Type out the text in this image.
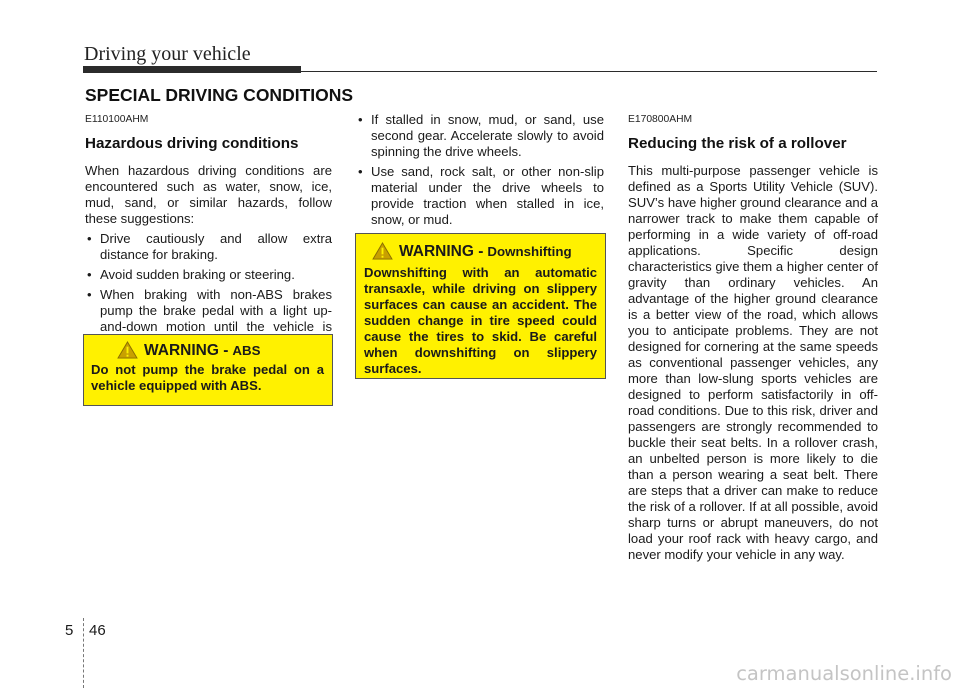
Driving your vehicle
SPECIAL DRIVING CONDITIONS
E110100AHM
Hazardous driving conditions

When hazardous driving conditions are encountered such as water, snow, ice, mud, sand, or similar hazards, follow these suggestions:

• Drive cautiously and allow extra distance for braking.
• Avoid sudden braking or steering.
• When braking with non-ABS brakes pump the brake pedal with a light up-and-down motion until the vehicle is
WARNING - ABS
Do not pump the brake pedal on a vehicle equipped with ABS.
• If stalled in snow, mud, or sand, use second gear. Accelerate slowly to avoid spinning the drive wheels.
• Use sand, rock salt, or other non-slip material under the drive wheels to provide traction when stalled in ice, snow, or mud.
WARNING - Downshifting
Downshifting with an automatic transaxle, while driving on slippery surfaces can cause an accident. The sudden change in tire speed could cause the tires to skid. Be careful when downshifting on slippery surfaces.
E170800AHM
Reducing the risk of a rollover

This multi-purpose passenger vehicle is defined as a Sports Utility Vehicle (SUV). SUV’s have higher ground clearance and a narrower track to make them capable of performing in a wide variety of off-road applications. Specific design characteristics give them a higher center of gravity than ordinary vehicles. An advantage of the higher ground clearance is a better view of the road, which allows you to anticipate problems. They are not designed for cornering at the same speeds as conventional passenger vehicles, any more than low-slung sports vehicles are designed to perform satisfactorily in off-road conditions. Due to this risk, driver and passengers are strongly recommended to buckle their seat belts. In a rollover crash, an unbelted person is more likely to die than a person wearing a seat belt. There are steps that a driver can make to reduce the risk of a rollover. If at all possible, avoid sharp turns or abrupt maneuvers, do not load your roof rack with heavy cargo, and never modify your vehicle in any way.

5 46
carmanualsonline.info
